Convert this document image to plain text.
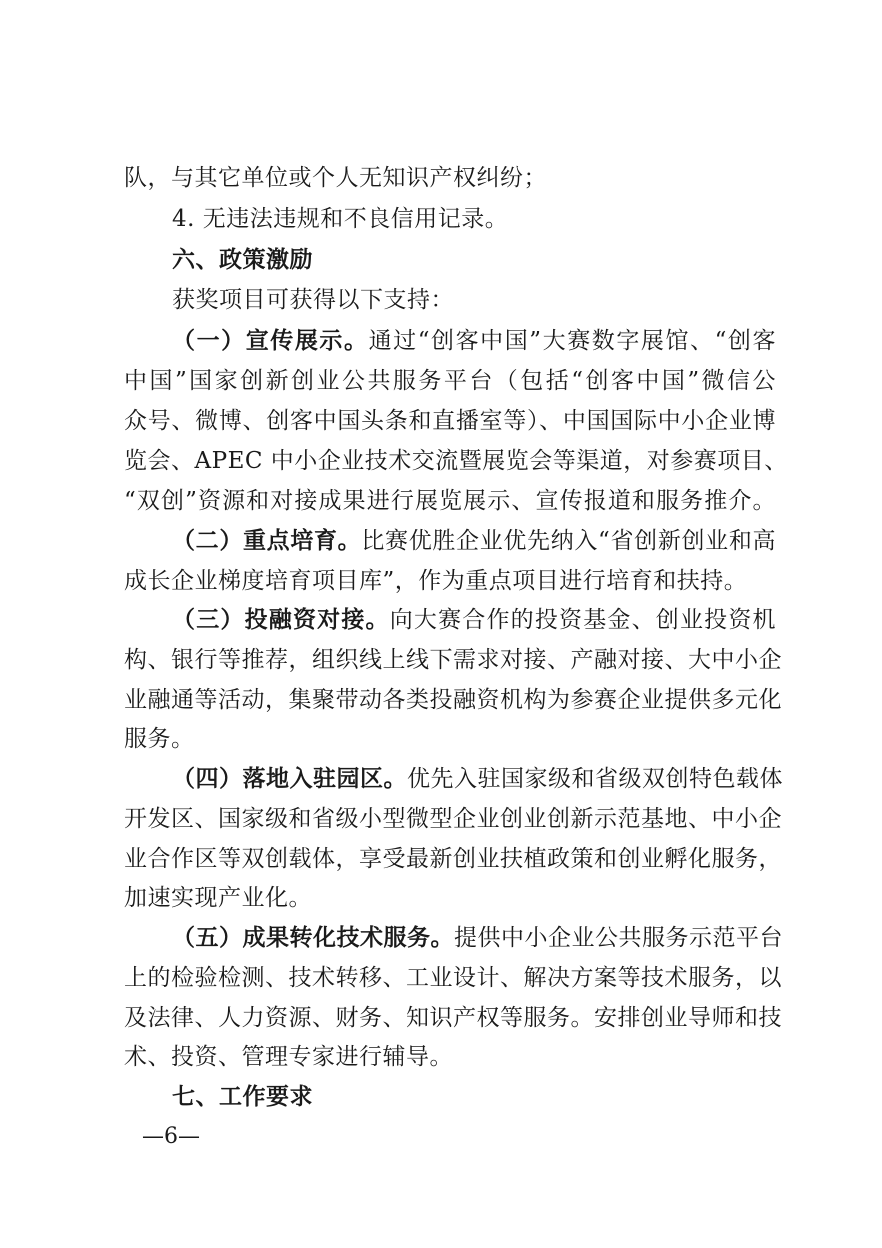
队，与其它单位或个人无知识产权纠纷；
4. 无违法违规和不良信用记录。
六、政策激励
获奖项目可获得以下支持：
（一）宣传展示。通过“创客中国”大赛数字展馆、“创客
中国”国家创新创业公共服务平台（包括“创客中国”微信公
众号、微博、创客中国头条和直播室等）、中国国际中小企业博
览会、APEC 中小企业技术交流暨展览会等渠道，对参赛项目、
“双创”资源和对接成果进行展览展示、宣传报道和服务推介。
（二）重点培育。比赛优胜企业优先纳入“省创新创业和高
成长企业梯度培育项目库”，作为重点项目进行培育和扶持。
（三）投融资对接。向大赛合作的投资基金、创业投资机
构、银行等推荐，组织线上线下需求对接、产融对接、大中小企
业融通等活动，集聚带动各类投融资机构为参赛企业提供多元化
服务。
（四）落地入驻园区。优先入驻国家级和省级双创特色载体
开发区、国家级和省级小型微型企业创业创新示范基地、中小企
业合作区等双创载体，享受最新创业扶植政策和创业孵化服务，
加速实现产业化。
（五）成果转化技术服务。提供中小企业公共服务示范平台
上的检验检测、技术转移、工业设计、解决方案等技术服务，以
及法律、人力资源、财务、知识产权等服务。安排创业导师和技
术、投资、管理专家进行辅导。
七、工作要求
—6—
